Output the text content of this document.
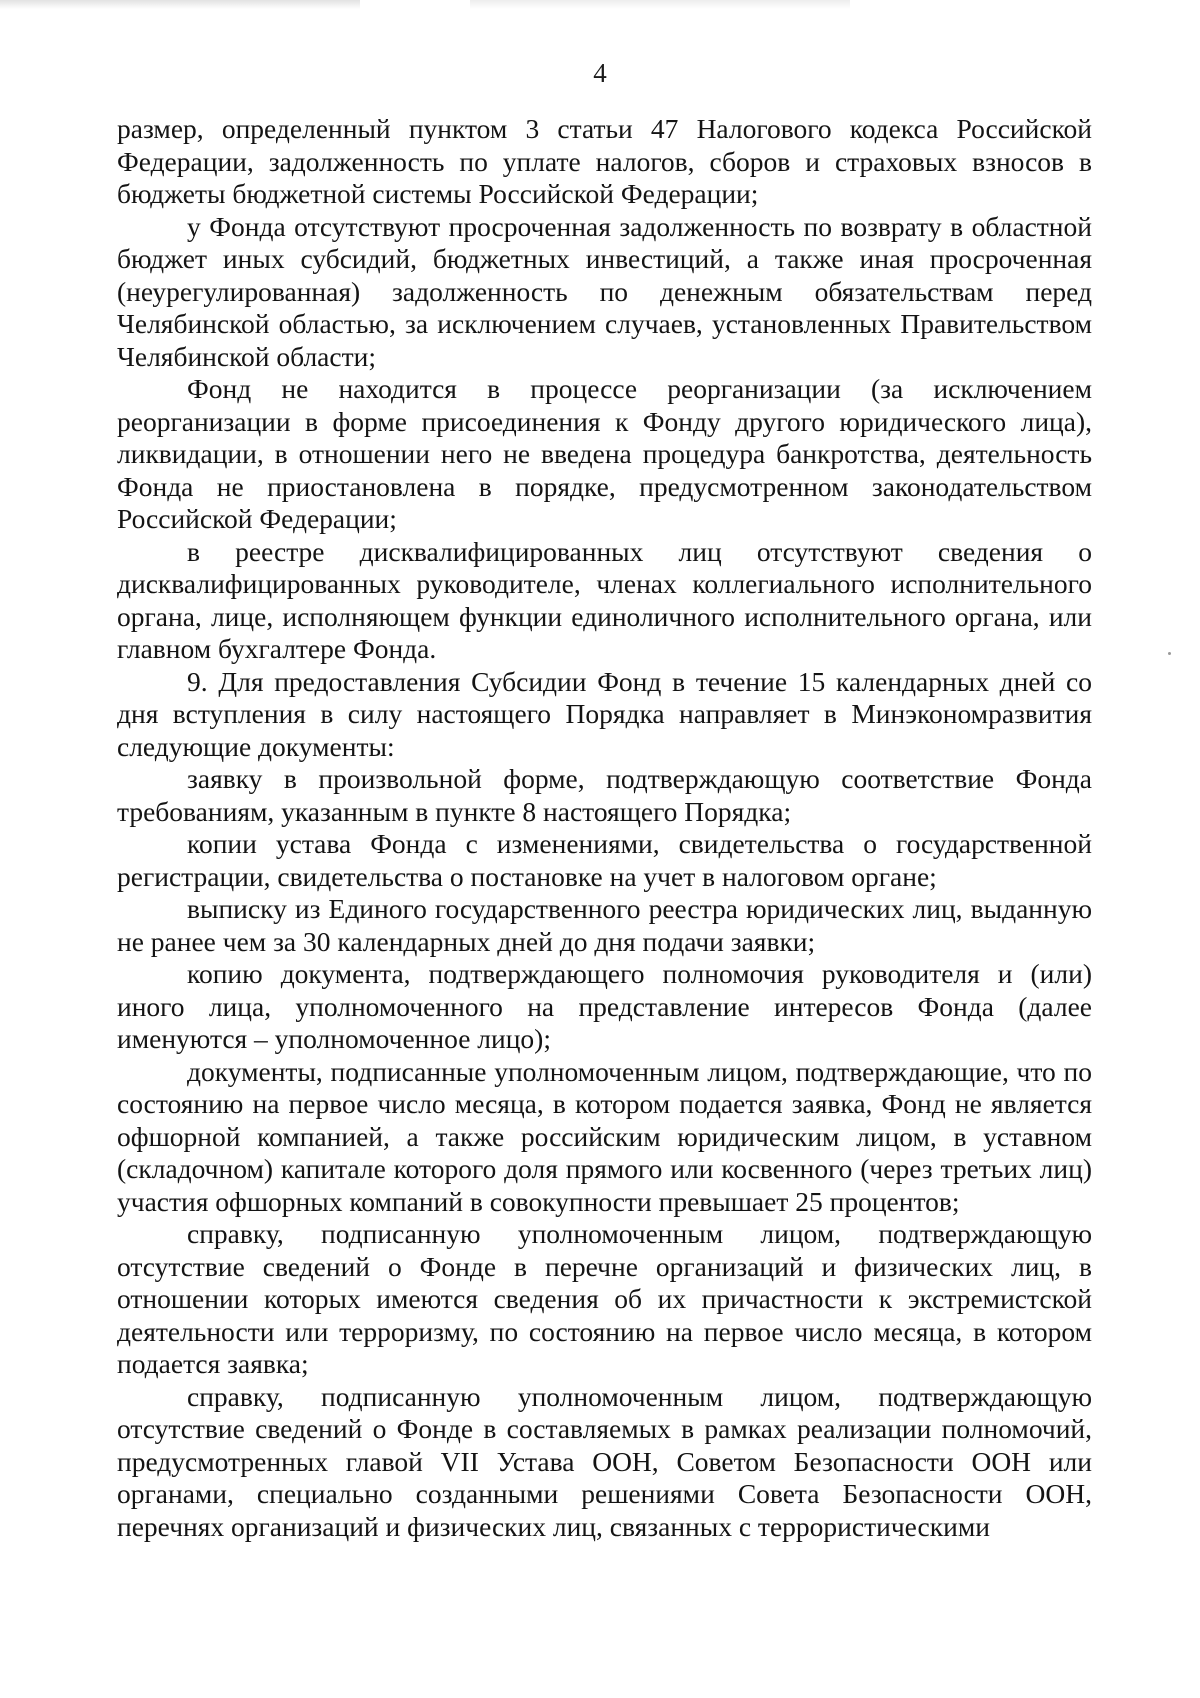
4

размер, определенный пунктом 3 статьи 47 Налогового кодекса Российской Федерации, задолженность по уплате налогов, сборов и страховых взносов в бюджеты бюджетной системы Российской Федерации;

у Фонда отсутствуют просроченная задолженность по возврату в областной бюджет иных субсидий, бюджетных инвестиций, а также иная просроченная (неурегулированная) задолженность по денежным обязательствам перед Челябинской областью, за исключением случаев, установленных Правительством Челябинской области;

Фонд не находится в процессе реорганизации (за исключением реорганизации в форме присоединения к Фонду другого юридического лица), ликвидации, в отношении него не введена процедура банкротства, деятельность Фонда не приостановлена в порядке, предусмотренном законодательством Российской Федерации;

в реестре дисквалифицированных лиц отсутствуют сведения о дисквалифицированных руководителе, членах коллегиального исполнительного органа, лице, исполняющем функции единоличного исполнительного органа, или главном бухгалтере Фонда.

9. Для предоставления Субсидии Фонд в течение 15 календарных дней со дня вступления в силу настоящего Порядка направляет в Минэкономразвития следующие документы:

заявку в произвольной форме, подтверждающую соответствие Фонда требованиям, указанным в пункте 8 настоящего Порядка;

копии устава Фонда с изменениями, свидетельства о государственной регистрации, свидетельства о постановке на учет в налоговом органе;

выписку из Единого государственного реестра юридических лиц, выданную не ранее чем за 30 календарных дней до дня подачи заявки;

копию документа, подтверждающего полномочия руководителя и (или) иного лица, уполномоченного на представление интересов Фонда (далее именуются – уполномоченное лицо);

документы, подписанные уполномоченным лицом, подтверждающие, что по состоянию на первое число месяца, в котором подается заявка, Фонд не является офшорной компанией, а также российским юридическим лицом, в уставном (складочном) капитале которого доля прямого или косвенного (через третьих лиц) участия офшорных компаний в совокупности превышает 25 процентов;

справку, подписанную уполномоченным лицом, подтверждающую отсутствие сведений о Фонде в перечне организаций и физических лиц, в отношении которых имеются сведения об их причастности к экстремистской деятельности или терроризму, по состоянию на первое число месяца, в котором подается заявка;

справку, подписанную уполномоченным лицом, подтверждающую отсутствие сведений о Фонде в составляемых в рамках реализации полномочий, предусмотренных главой VII Устава ООН, Советом Безопасности ООН или органами, специально созданными решениями Совета Безопасности ООН, перечнях организаций и физических лиц, связанных с террористическими
